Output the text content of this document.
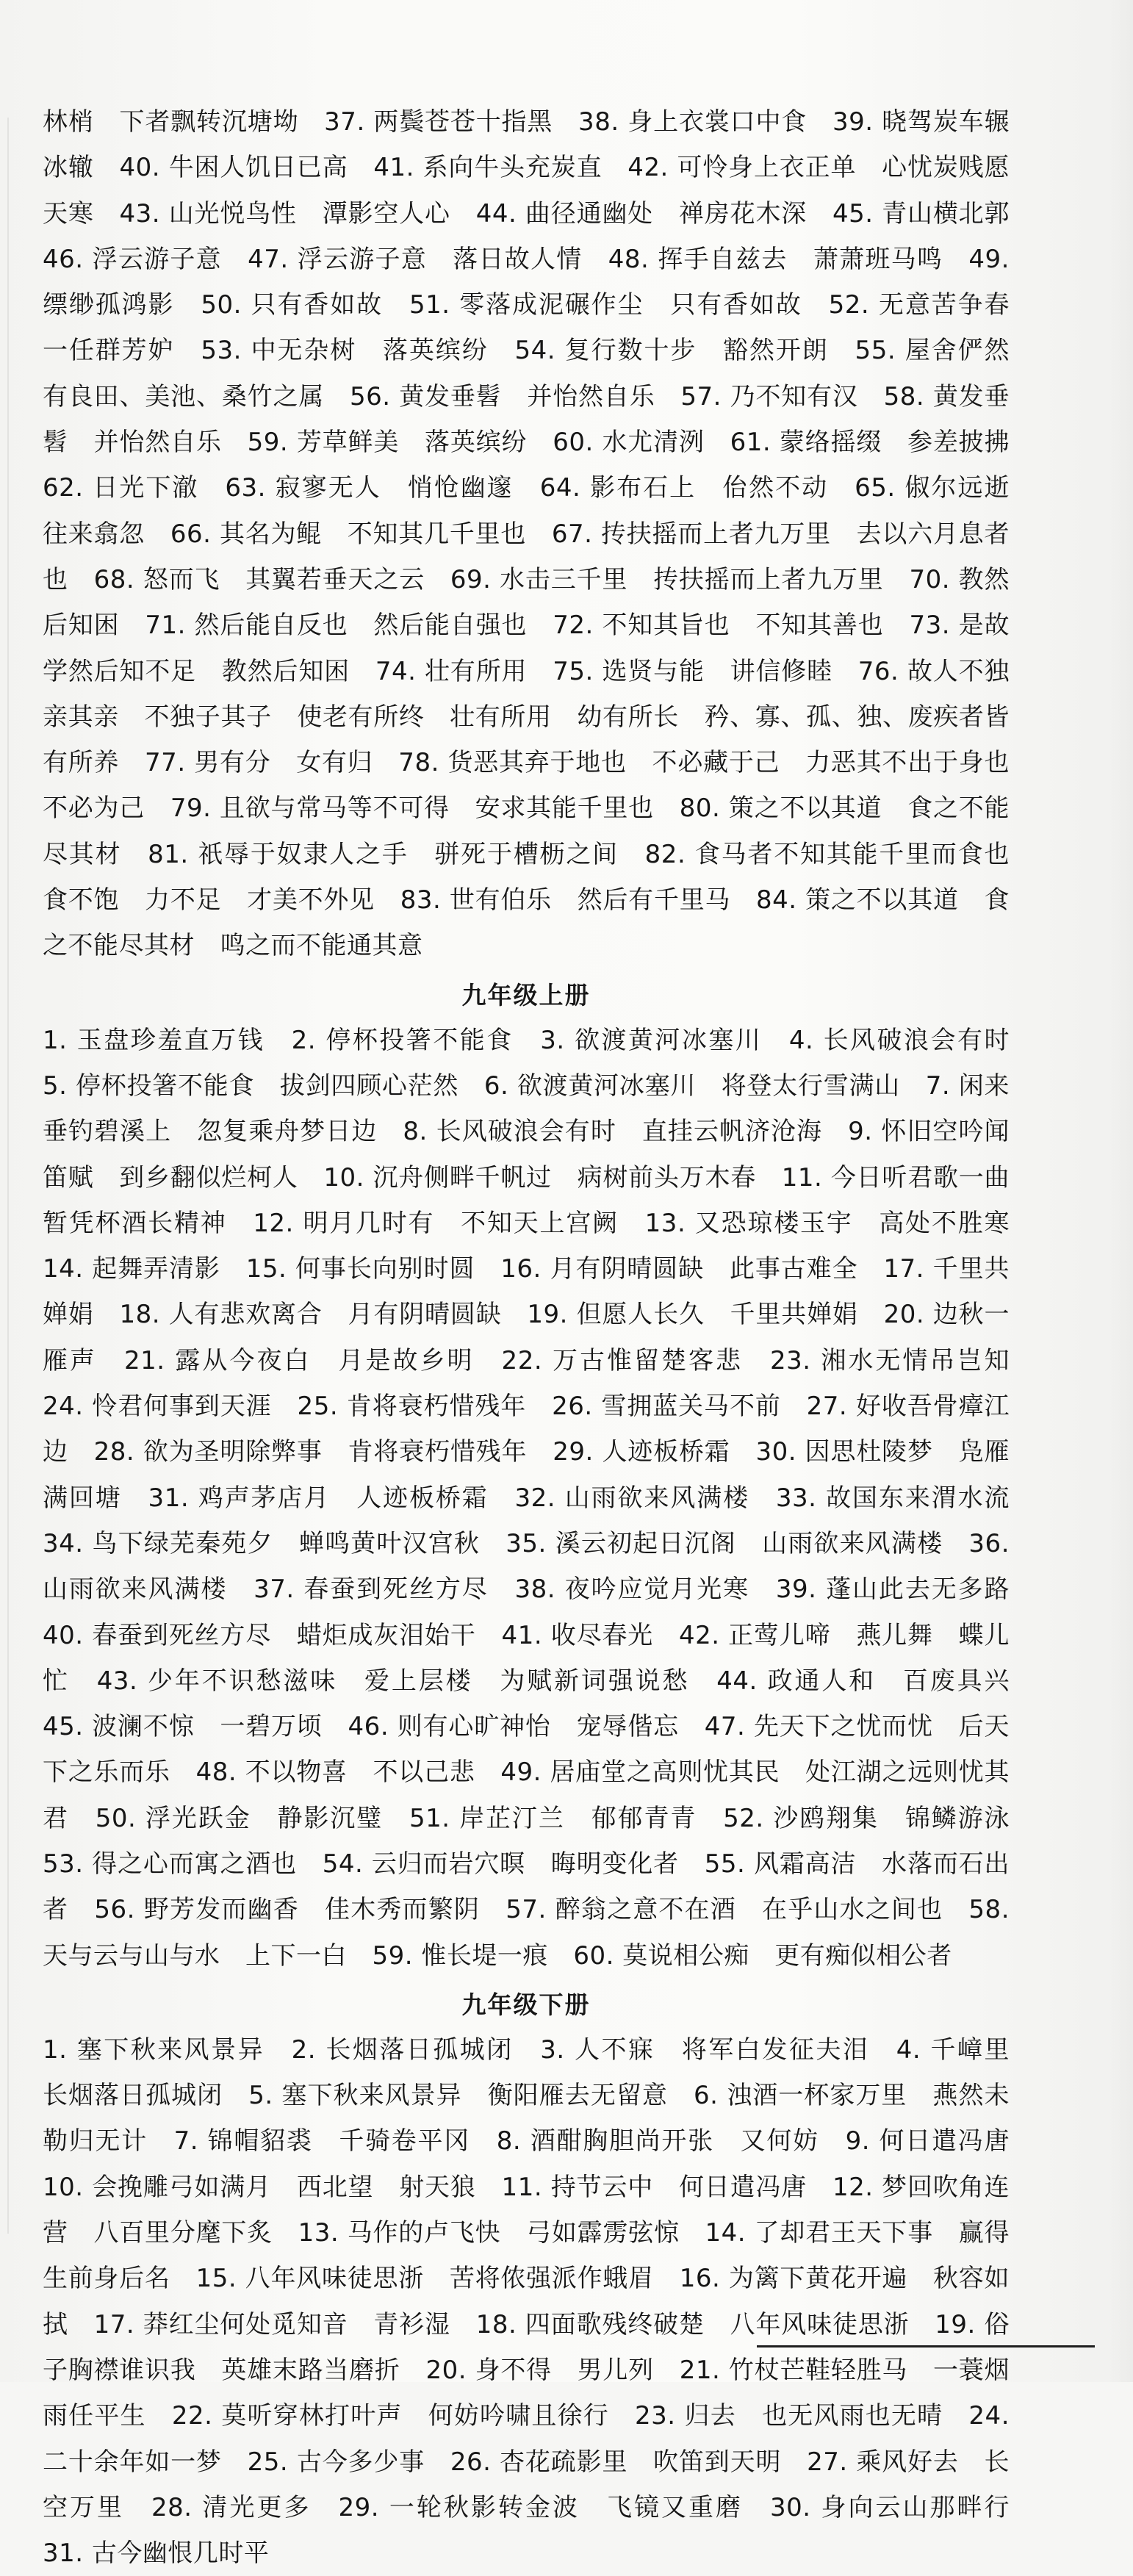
林梢　下者飘转沉塘坳　37. 两鬓苍苍十指黑　38. 身上衣裳口中食　39. 晓驾炭车辗冰辙　40. 牛困人饥日已高　41. 系向牛头充炭直　42. 可怜身上衣正单　心忧炭贱愿天寒　43. 山光悦鸟性　潭影空人心　44. 曲径通幽处　禅房花木深　45. 青山横北郭　46. 浮云游子意　47. 浮云游子意　落日故人情　48. 挥手自兹去　萧萧班马鸣　49. 缥缈孤鸿影　50. 只有香如故　51. 零落成泥碾作尘　只有香如故　52. 无意苦争春　一任群芳妒　53. 中无杂树　落英缤纷　54. 复行数十步　豁然开朗　55. 屋舍俨然　有良田、美池、桑竹之属　56. 黄发垂髫　并怡然自乐　57. 乃不知有汉　58. 黄发垂髫　并怡然自乐　59. 芳草鲜美　落英缤纷　60. 水尤清洌　61. 蒙络摇缀　参差披拂　62. 日光下澈　63. 寂寥无人　悄怆幽邃　64. 影布石上　佁然不动　65. 俶尔远逝　往来翕忽　66. 其名为鲲　不知其几千里也　67. 抟扶摇而上者九万里　去以六月息者也　68. 怒而飞　其翼若垂天之云　69. 水击三千里　抟扶摇而上者九万里　70. 教然后知困　71. 然后能自反也　然后能自强也　72. 不知其旨也　不知其善也　73. 是故学然后知不足　教然后知困　74. 壮有所用　75. 选贤与能　讲信修睦　76. 故人不独亲其亲　不独子其子　使老有所终　壮有所用　幼有所长　矜、寡、孤、独、废疾者皆有所养　77. 男有分　女有归　78. 货恶其弃于地也　不必藏于己　力恶其不出于身也　不必为己　79. 且欲与常马等不可得　安求其能千里也　80. 策之不以其道　食之不能尽其材　81. 祇辱于奴隶人之手　骈死于槽枥之间　82. 食马者不知其能千里而食也　食不饱　力不足　才美不外见　83. 世有伯乐　然后有千里马　84. 策之不以其道　食之不能尽其材　鸣之而不能通其意

九年级上册

1. 玉盘珍羞直万钱　2. 停杯投箸不能食　3. 欲渡黄河冰塞川　4. 长风破浪会有时　5. 停杯投箸不能食　拔剑四顾心茫然　6. 欲渡黄河冰塞川　将登太行雪满山　7. 闲来垂钓碧溪上　忽复乘舟梦日边　8. 长风破浪会有时　直挂云帆济沧海　9. 怀旧空吟闻笛赋　到乡翻似烂柯人　10. 沉舟侧畔千帆过　病树前头万木春　11. 今日听君歌一曲　暂凭杯酒长精神　12. 明月几时有　不知天上宫阙　13. 又恐琼楼玉宇　高处不胜寒　14. 起舞弄清影　15. 何事长向别时圆　16. 月有阴晴圆缺　此事古难全　17. 千里共婵娟　18. 人有悲欢离合　月有阴晴圆缺　19. 但愿人长久　千里共婵娟　20. 边秋一雁声　21. 露从今夜白　月是故乡明　22. 万古惟留楚客悲　23. 湘水无情吊岂知　24. 怜君何事到天涯　25. 肯将衰朽惜残年　26. 雪拥蓝关马不前　27. 好收吾骨瘴江边　28. 欲为圣明除弊事　肯将衰朽惜残年　29. 人迹板桥霜　30. 因思杜陵梦　凫雁满回塘　31. 鸡声茅店月　人迹板桥霜　32. 山雨欲来风满楼　33. 故国东来渭水流　34. 鸟下绿芜秦苑夕　蝉鸣黄叶汉宫秋　35. 溪云初起日沉阁　山雨欲来风满楼　36. 山雨欲来风满楼　37. 春蚕到死丝方尽　38. 夜吟应觉月光寒　39. 蓬山此去无多路　40. 春蚕到死丝方尽　蜡炬成灰泪始干　41. 收尽春光　42. 正莺儿啼　燕儿舞　蝶儿忙　43. 少年不识愁滋味　爱上层楼　为赋新词强说愁　44. 政通人和　百废具兴　45. 波澜不惊　一碧万顷　46. 则有心旷神怡　宠辱偕忘　47. 先天下之忧而忧　后天下之乐而乐　48. 不以物喜　不以己悲　49. 居庙堂之高则忧其民　处江湖之远则忧其君　50. 浮光跃金　静影沉璧　51. 岸芷汀兰　郁郁青青　52. 沙鸥翔集　锦鳞游泳　53. 得之心而寓之酒也　54. 云归而岩穴暝　晦明变化者　55. 风霜高洁　水落而石出者　56. 野芳发而幽香　佳木秀而繁阴　57. 醉翁之意不在酒　在乎山水之间也　58. 天与云与山与水　上下一白　59. 惟长堤一痕　60. 莫说相公痴　更有痴似相公者

九年级下册

1. 塞下秋来风景异　2. 长烟落日孤城闭　3. 人不寐　将军白发征夫泪　4. 千嶂里　长烟落日孤城闭　5. 塞下秋来风景异　衡阳雁去无留意　6. 浊酒一杯家万里　燕然未勒归无计　7. 锦帽貂裘　千骑卷平冈　8. 酒酣胸胆尚开张　又何妨　9. 何日遣冯唐　10. 会挽雕弓如满月　西北望　射天狼　11. 持节云中　何日遣冯唐　12. 梦回吹角连营　八百里分麾下炙　13. 马作的卢飞快　弓如霹雳弦惊　14. 了却君王天下事　赢得生前身后名　15. 八年风味徒思浙　苦将侬强派作蛾眉　16. 为篱下黄花开遍　秋容如拭　17. 莽红尘何处觅知音　青衫湿　18. 四面歌残终破楚　八年风味徒思浙　19. 俗子胸襟谁识我　英雄末路当磨折　20. 身不得　男儿列　21. 竹杖芒鞋轻胜马　一蓑烟雨任平生　22. 莫听穿林打叶声　何妨吟啸且徐行　23. 归去　也无风雨也无晴　24. 二十余年如一梦　25. 古今多少事　26. 杏花疏影里　吹笛到天明　27. 乘风好去　长空万里　28. 清光更多　29. 一轮秋影转金波　飞镜又重磨　30. 身向云山那畔行　31. 古今幽恨几时平
